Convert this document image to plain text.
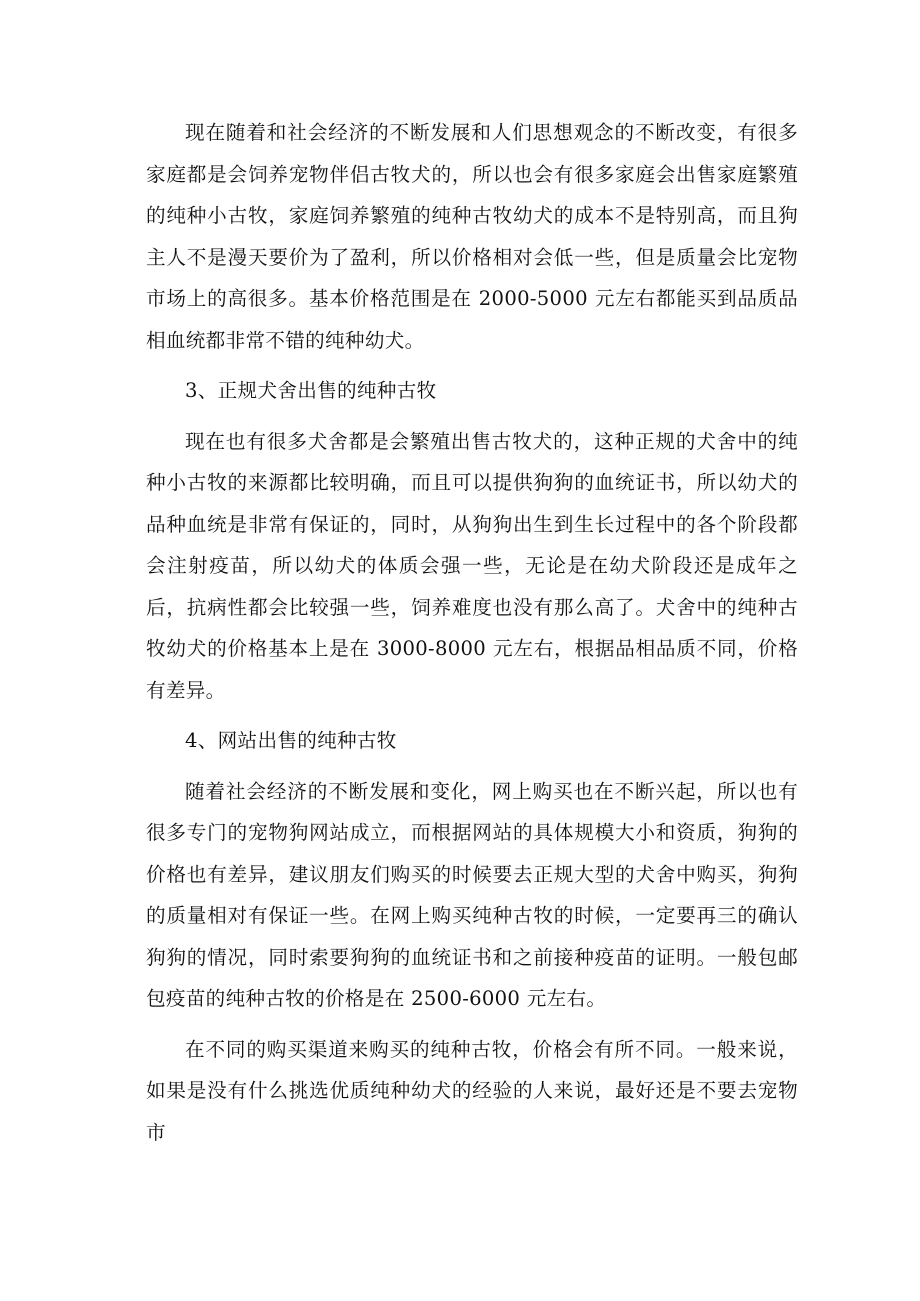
现在随着和社会经济的不断发展和人们思想观念的不断改变，有很多家庭都是会饲养宠物伴侣古牧犬的，所以也会有很多家庭会出售家庭繁殖的纯种小古牧，家庭饲养繁殖的纯种古牧幼犬的成本不是特别高，而且狗主人不是漫天要价为了盈利，所以价格相对会低一些，但是质量会比宠物市场上的高很多。基本价格范围是在 2000-5000 元左右都能买到品质品相血统都非常不错的纯种幼犬。

3、正规犬舍出售的纯种古牧

现在也有很多犬舍都是会繁殖出售古牧犬的，这种正规的犬舍中的纯种小古牧的来源都比较明确，而且可以提供狗狗的血统证书，所以幼犬的品种血统是非常有保证的，同时，从狗狗出生到生长过程中的各个阶段都会注射疫苗，所以幼犬的体质会强一些，无论是在幼犬阶段还是成年之后，抗病性都会比较强一些，饲养难度也没有那么高了。犬舍中的纯种古牧幼犬的价格基本上是在 3000-8000 元左右，根据品相品质不同，价格有差异。

4、网站出售的纯种古牧

随着社会经济的不断发展和变化，网上购买也在不断兴起，所以也有很多专门的宠物狗网站成立，而根据网站的具体规模大小和资质，狗狗的价格也有差异，建议朋友们购买的时候要去正规大型的犬舍中购买，狗狗的质量相对有保证一些。在网上购买纯种古牧的时候，一定要再三的确认狗狗的情况，同时索要狗狗的血统证书和之前接种疫苗的证明。一般包邮包疫苗的纯种古牧的价格是在 2500-6000 元左右。

在不同的购买渠道来购买的纯种古牧，价格会有所不同。一般来说，如果是没有什么挑选优质纯种幼犬的经验的人来说，最好还是不要去宠物市
